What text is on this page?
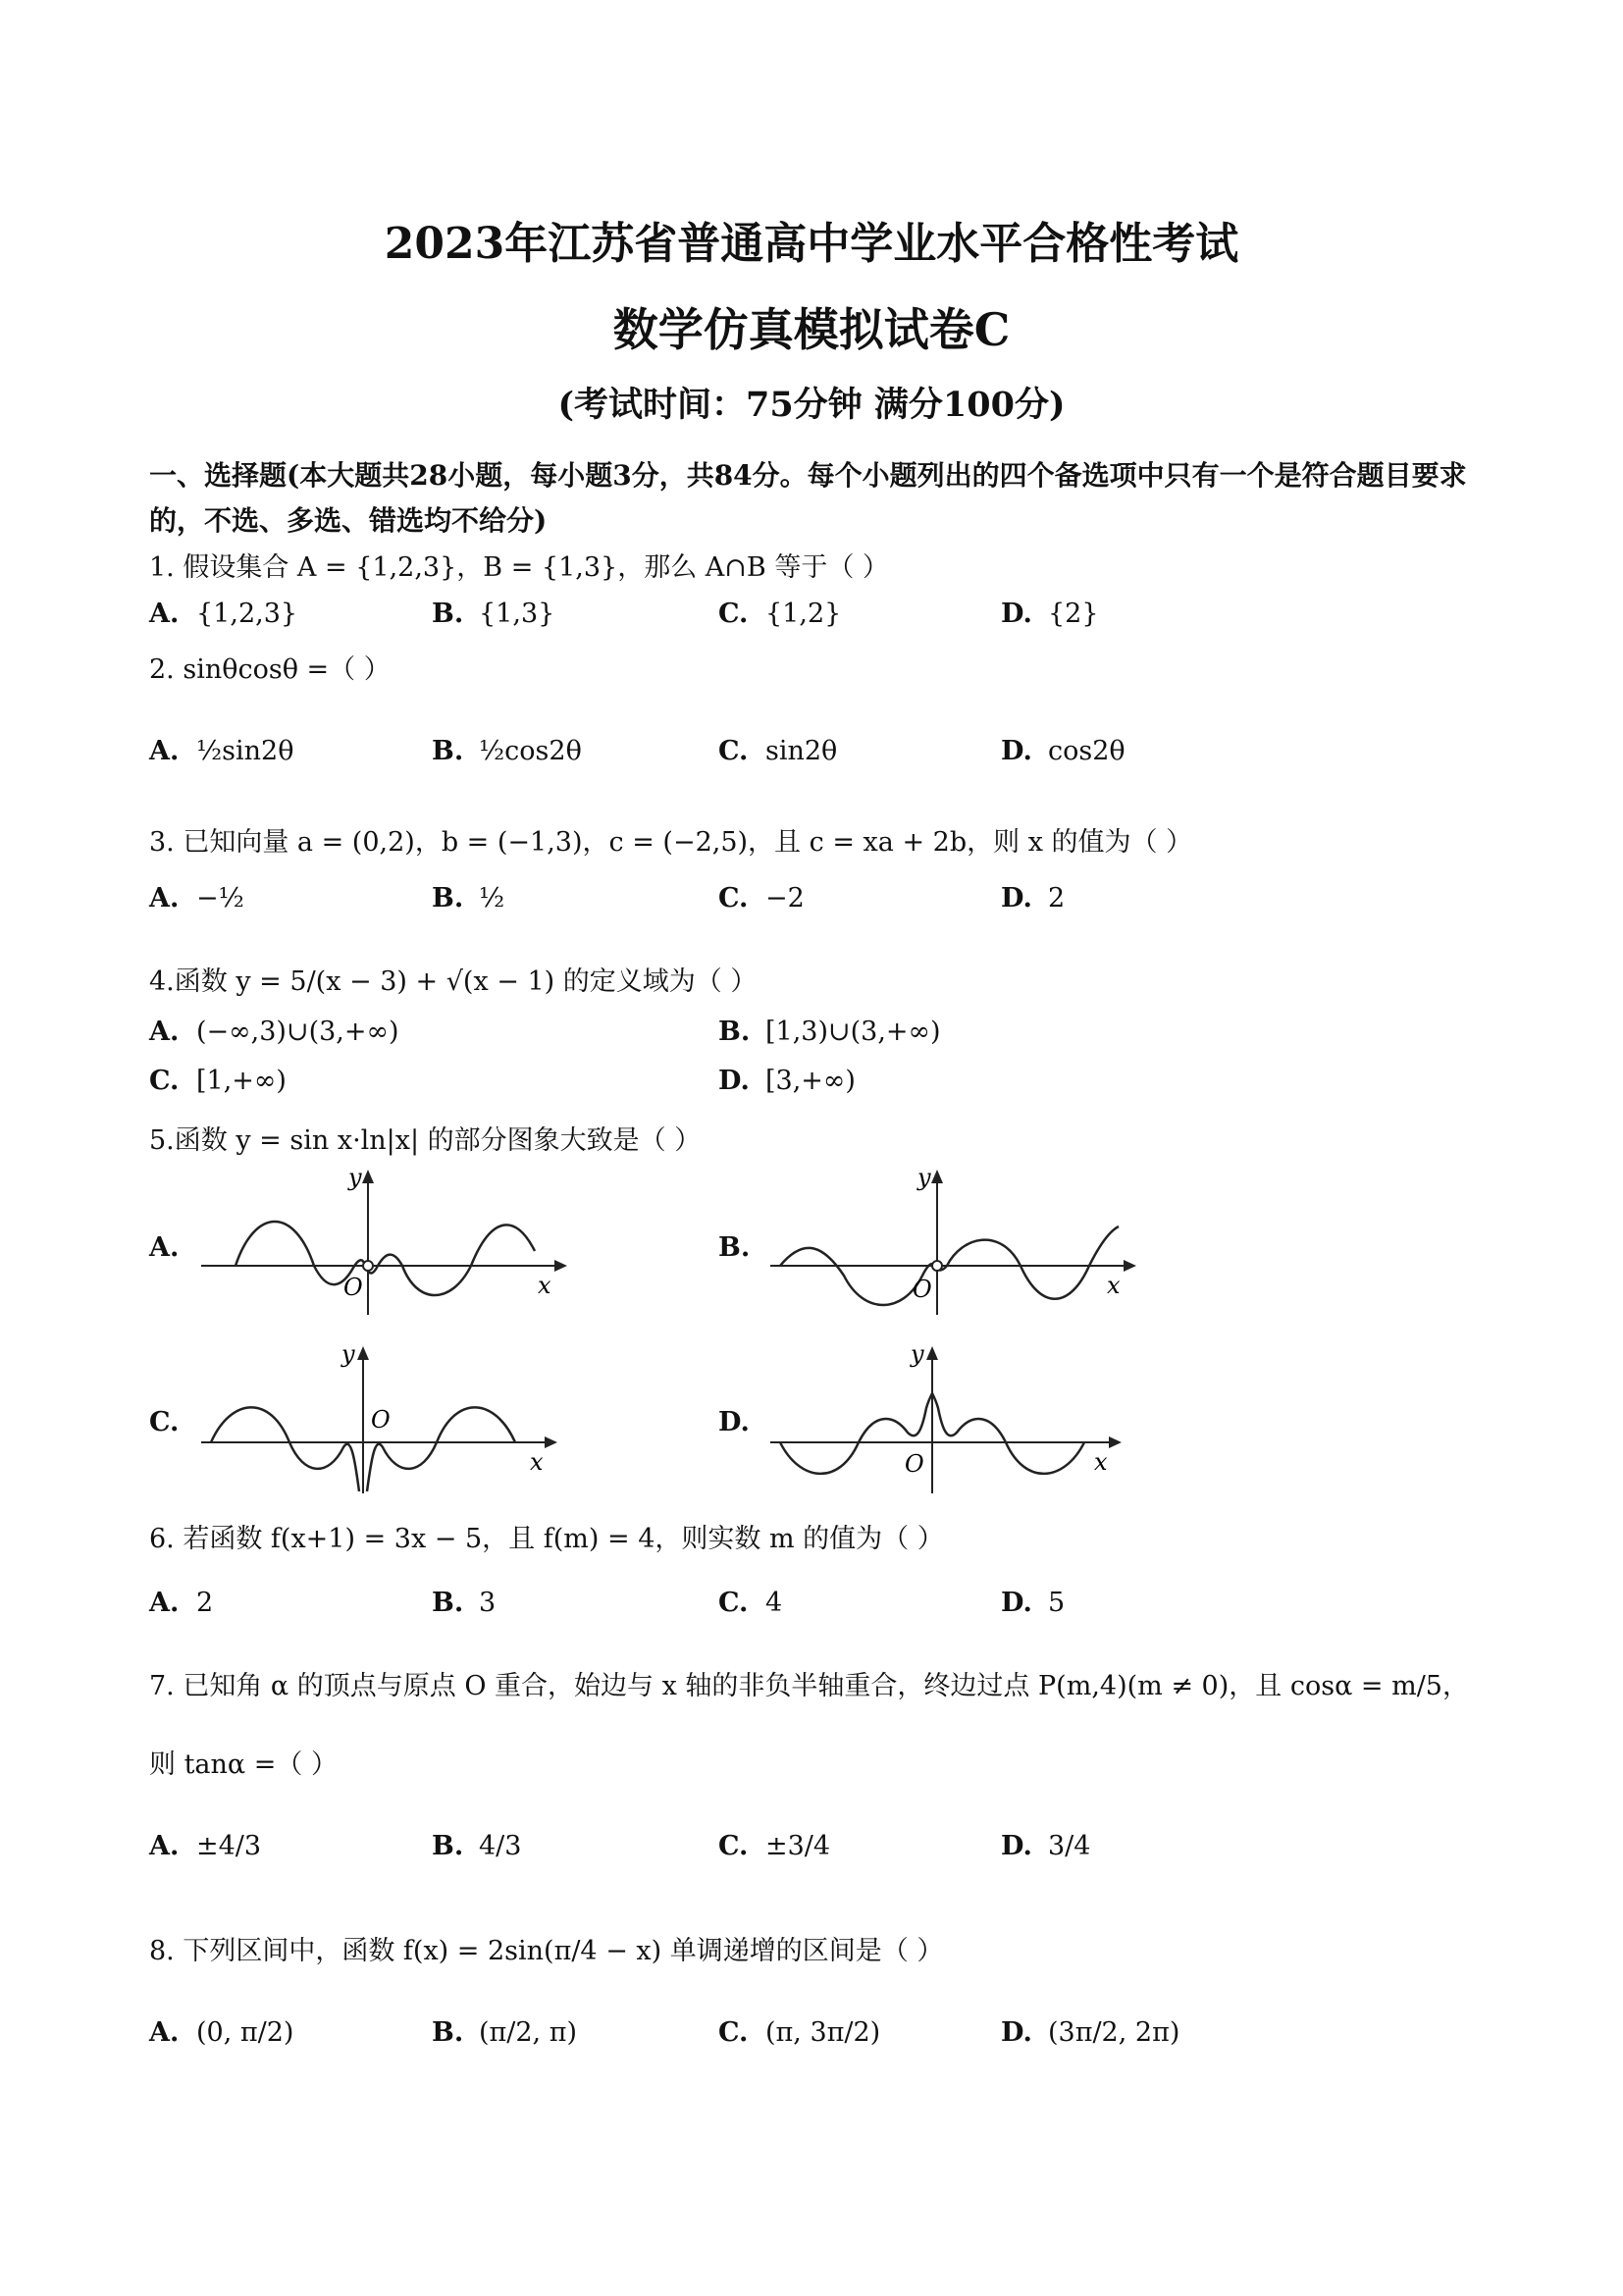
2023年江苏省普通高中学业水平合格性考试
数学仿真模拟试卷C
(考试时间：75分钟 满分100分)
一、选择题(本大题共28小题，每小题3分，共84分。每个小题列出的四个备选项中只有一个是符合题目要求的，不选、多选、错选均不给分)
1. 假设集合 A = {1,2,3}，B = {1,3}，那么 A∩B 等于（ ）
A. {1,2,3}	B. {1,3}	C. {1,2}	D. {2}
2. sinθcosθ =（ ）
A. ½sin2θ	B. ½cos2θ	C. sin2θ	D. cos2θ
3. 已知向量 a = (0,2)，b = (−1,3)，c = (−2,5)，且 c = xa + 2b，则 x 的值为（ ）
A. −½	B. ½	C. −2	D. 2
4.函数 y = 5/(x − 3) + √(x − 1) 的定义域为（ ）
A. (−∞,3)∪(3,+∞)	B. [1,3)∪(3,+∞)
C. [1,+∞)	D. [3,+∞)
5.函数 y = sin x·ln|x| 的部分图象大致是（ ）
A.
y
O	x
B.
y
O	x
C.
y
O
x
D.
y
O	x
6. 若函数 f(x+1) = 3x − 5，且 f(m) = 4，则实数 m 的值为（ ）
A. 2	B. 3	C. 4	D. 5
7. 已知角 α 的顶点与原点 O 重合，始边与 x 轴的非负半轴重合，终边过点 P(m,4)(m ≠ 0)，且 cosα = m/5，
则 tanα =（ ）
A. ±4/3	B. 4/3	C. ±3/4	D. 3/4
8. 下列区间中，函数 f(x) = 2sin(π/4 − x) 单调递增的区间是（ ）
A. (0, π/2)	B. (π/2, π)	C. (π, 3π/2)	D. (3π/2, 2π)
